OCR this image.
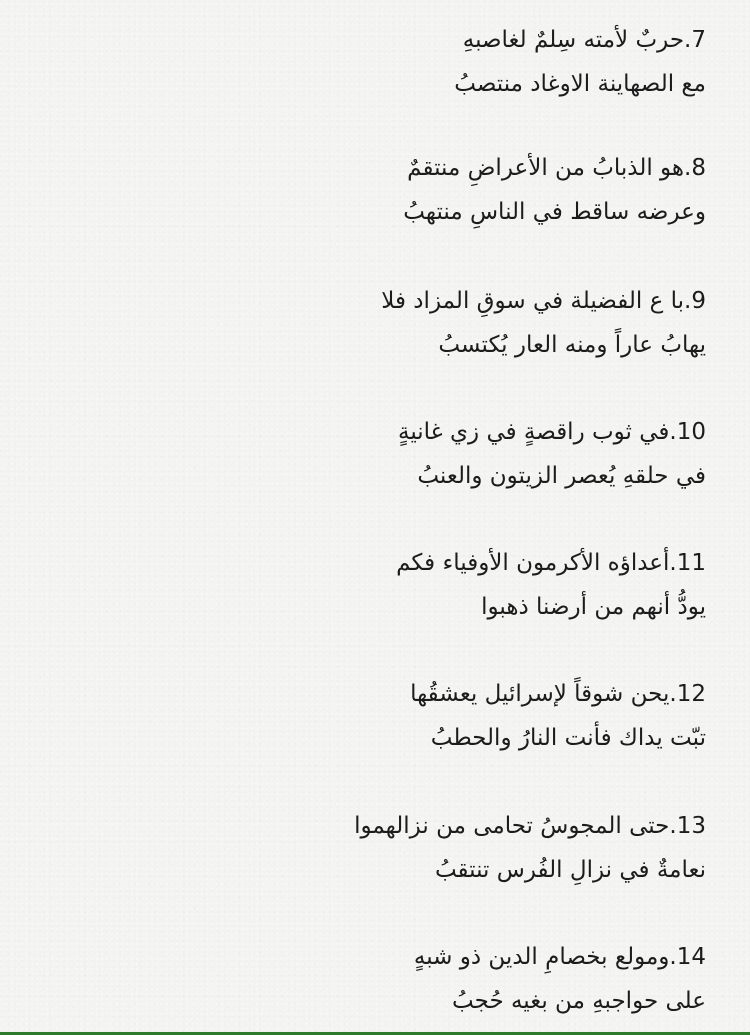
7.حربٌ لأمته سِلمٌ لغاصبهِ
مع الصهاينة الاوغاد منتصبُ
8.هو الذبابُ من الأعراضِ منتقمٌ
وعرضه ساقط في الناسِ منتهبُ
9.با ع الفضيلة في سوقِ المزاد فلا
يهابُ عاراً ومنه العار يُكتسبُ
10.في ثوب راقصةٍ في زي غانيةٍ
في حلقهِ يُعصر الزيتون والعنبُ
11.أعداؤه الأكرمون الأوفياء فكم
يودُّ أنهم من أرضنا ذهبوا
12.يحن شوقاً لإسرائيل يعشقُها
تبّت يداك فأنت النارُ والحطبُ
13.حتى المجوسُ تحامى من نزالهموا
نعامةٌ في نزالِ الفُرس تنتقبُ
14.ومولع بخصامِ الدين ذو شبهٍ
على حواجبهِ من بغيه حُجبُ
